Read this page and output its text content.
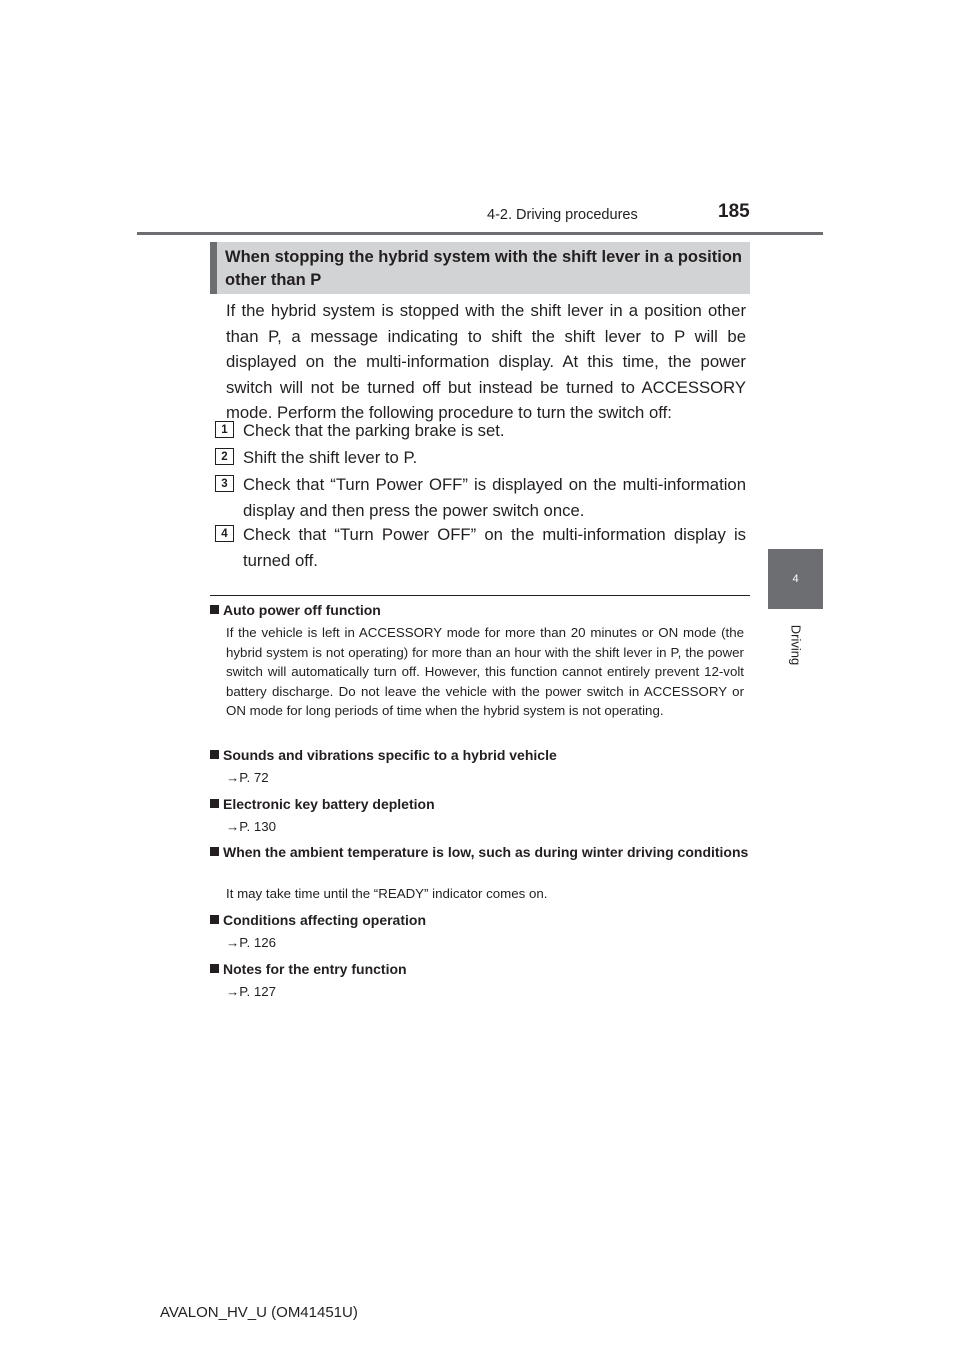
4-2. Driving procedures	185
4
Driving
When stopping the hybrid system with the shift lever in a position other than P
If the hybrid system is stopped with the shift lever in a position other than P, a message indicating to shift the shift lever to P will be displayed on the multi-information display. At this time, the power switch will not be turned off but instead be turned to ACCESSORY mode. Perform the following procedure to turn the switch off:
1 Check that the parking brake is set.
2 Shift the shift lever to P.
3 Check that “Turn Power OFF” is displayed on the multi-information display and then press the power switch once.
4 Check that “Turn Power OFF” on the multi-information display is turned off.
Auto power off function
If the vehicle is left in ACCESSORY mode for more than 20 minutes or ON mode (the hybrid system is not operating) for more than an hour with the shift lever in P, the power switch will automatically turn off. However, this function cannot entirely prevent 12-volt battery discharge. Do not leave the vehicle with the power switch in ACCESSORY or ON mode for long periods of time when the hybrid system is not operating.
Sounds and vibrations specific to a hybrid vehicle
→P. 72
Electronic key battery depletion
→P. 130
When the ambient temperature is low, such as during winter driving conditions
It may take time until the “READY” indicator comes on.
Conditions affecting operation
→P. 126
Notes for the entry function
→P. 127
AVALON_HV_U (OM41451U)
